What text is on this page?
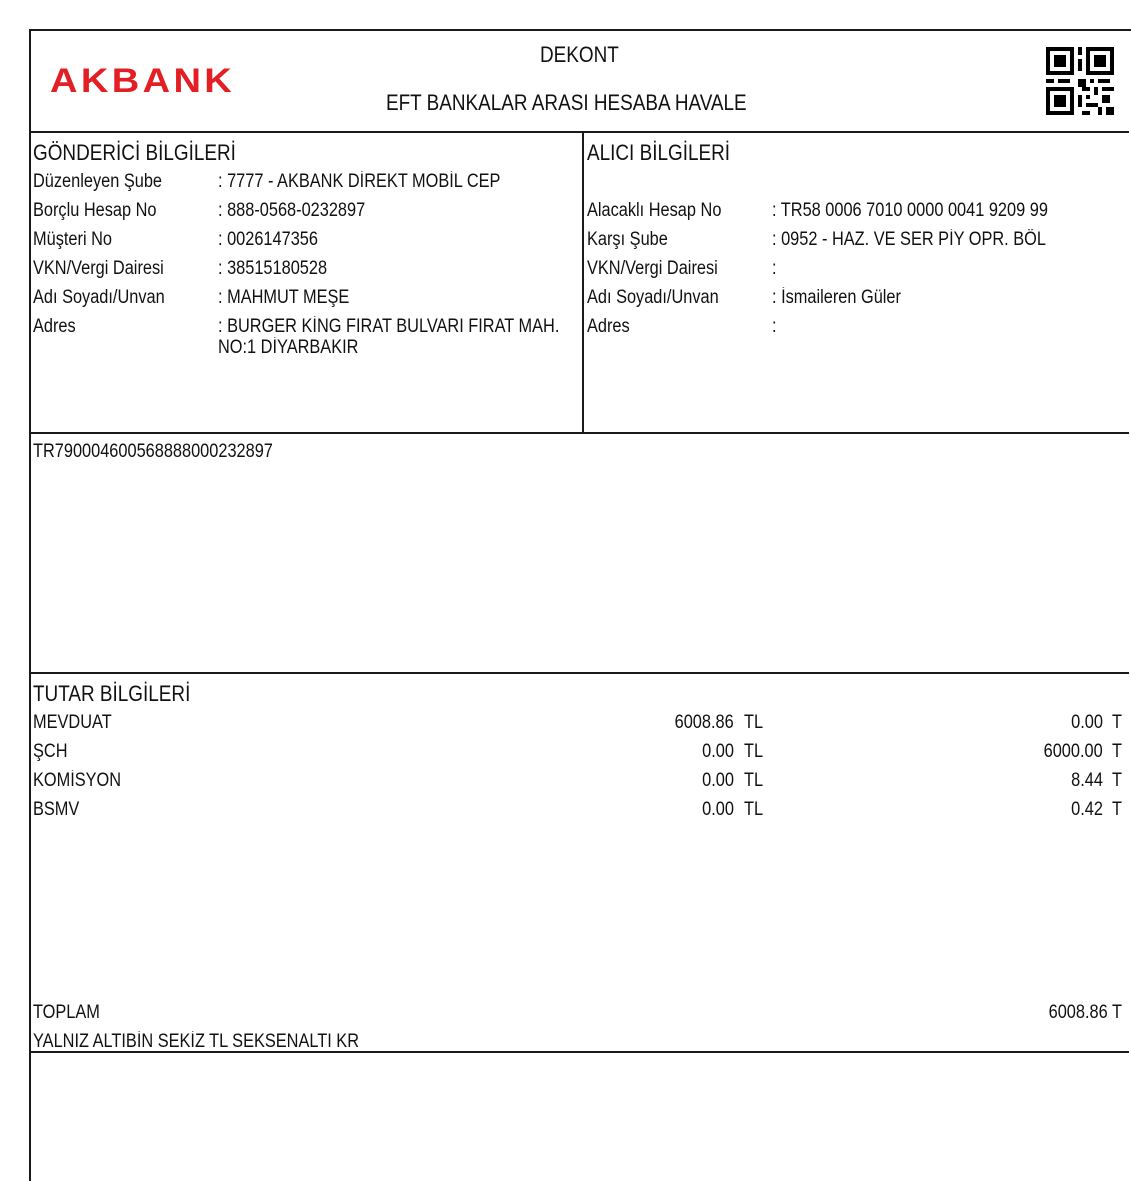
AKBANK
DEKONT
EFT BANKALAR ARASI HESABA HAVALE
GÖNDERİCİ BİLGİLERİ
Düzenleyen Şube	: 7777 - AKBANK DİREKT MOBİL CEP
Borçlu Hesap No	: 888-0568-0232897
Müşteri No	: 0026147356
VKN/Vergi Dairesi	: 38515180528
Adı Soyadı/Unvan	: MAHMUT MEŞE
Adres	: BURGER KİNG FIRAT BULVARI FIRAT MAH.
NO:1 DİYARBAKIR
ALICI BİLGİLERİ
Alacaklı Hesap No	: TR58 0006 7010 0000 0041 9209 99
Karşı Şube	: 0952 - HAZ. VE SER PİY OPR. BÖL
VKN/Vergi Dairesi	:
Adı Soyadı/Unvan	: İsmaileren Güler
Adres	:
TR790004600568888000232897
TUTAR BİLGİLERİ
MEVDUAT	6008.86 TL	0.00 T
ŞCH	0.00 TL	6000.00 T
KOMİSYON	0.00 TL	8.44 T
BSMV	0.00 TL	0.42 T
TOPLAM	6008.86 T
YALNIZ ALTIBİN SEKİZ TL SEKSENALTI KR
